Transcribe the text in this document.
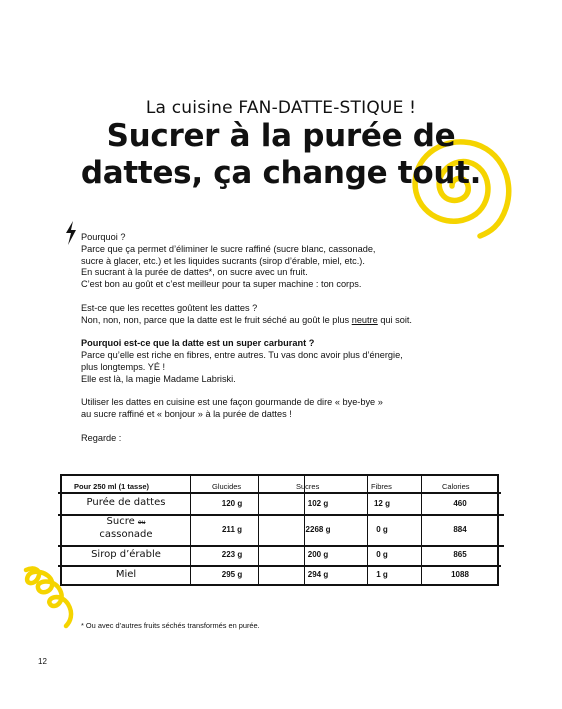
La cuisine FAN-DATTE-STIQUE !
Sucrer à la purée de
dattes, ça change tout.

Pourquoi ?
Parce que ça permet d’éliminer le sucre raffiné (sucre blanc, cassonade,
sucre à glacer, etc.) et les liquides sucrants (sirop d’érable, miel, etc.).
En sucrant à la purée de dattes*, on sucre avec un fruit.
C’est bon au goût et c’est meilleur pour ta super machine : ton corps.

Est-ce que les recettes goûtent les dattes ?
Non, non, non, parce que la datte est le fruit séché au goût le plus neutre qui soit.

Pourquoi est-ce que la datte est un super carburant ?
Parce qu’elle est riche en fibres, entre autres. Tu vas donc avoir plus d’énergie,
plus longtemps. YÉ !
Elle est là, la magie Madame Labriski.

Utiliser les dattes en cuisine est une façon gourmande de dire « bye-bye »
au sucre raffiné et « bonjour » à la purée de dattes !

Regarde :

Pour 250 ml (1 tasse)	Glucides	Sucres	Fibres	Calories
Purée de dattes	120 g	102 g	12 g	460
Sucre ou
cassonade	211 g	2268 g	0 g	884
Sirop d’érable	223 g	200 g	0 g	865
Miel	295 g	294 g	1 g	1088
* Ou avec d’autres fruits séchés transformés en purée.
12
